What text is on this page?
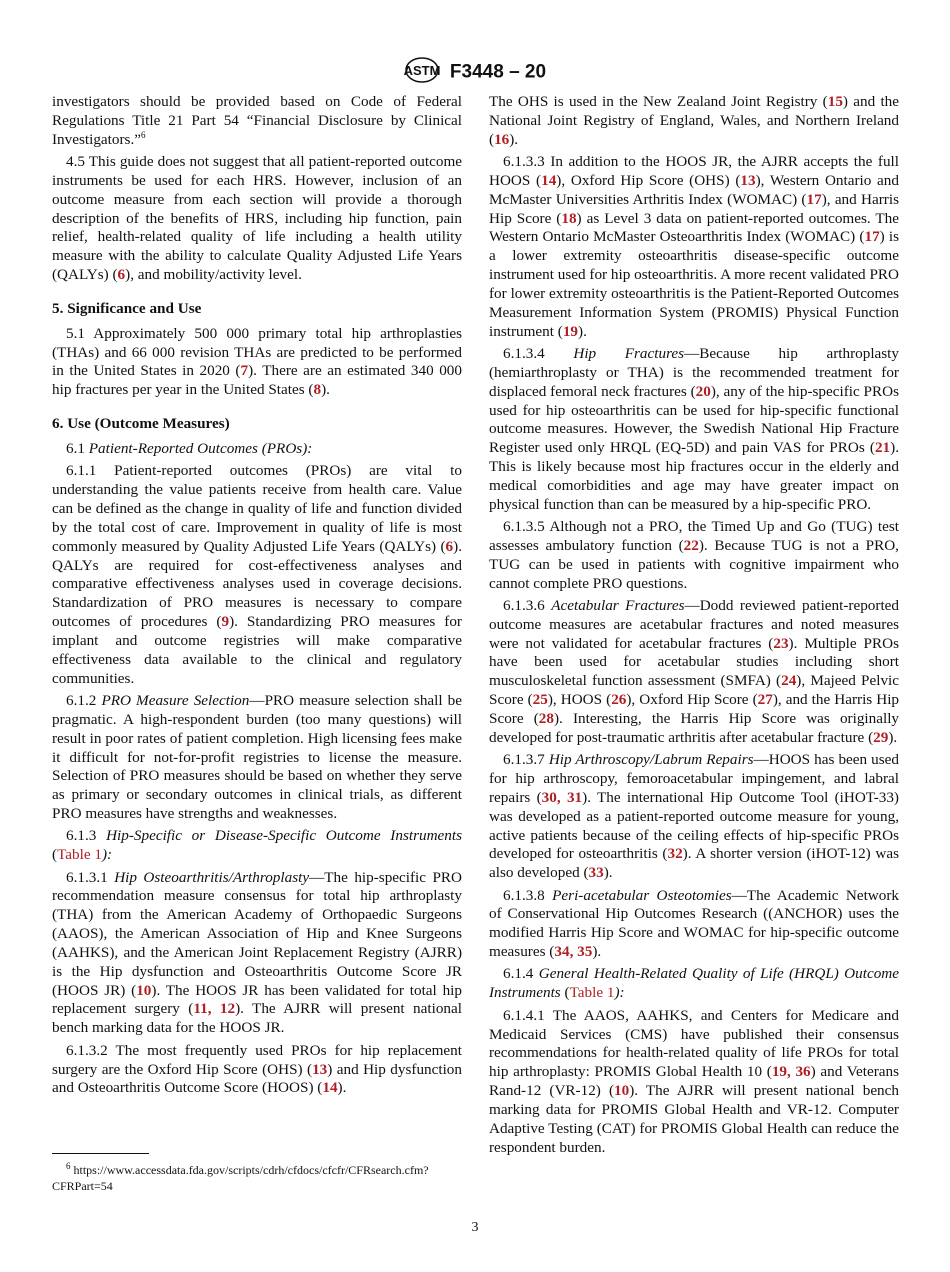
ASTM F3448 – 20

investigators should be provided based on Code of Federal Regulations Title 21 Part 54 “Financial Disclosure by Clinical Investigators.”$^6$

4.5 This guide does not suggest that all patient-reported outcome instruments be used for each HRS. However, inclusion of an outcome measure from each section will provide a thorough description of the benefits of HRS, including hip function, pain relief, health-related quality of life including a health utility measure with the ability to calculate Quality Adjusted Life Years (QALYs) (6), and mobility/activity level.

5. Significance and Use

5.1 Approximately 500 000 primary total hip arthroplasties (THAs) and 66 000 revision THAs are predicted to be performed in the United States in 2020 (7). There are an estimated 340 000 hip fractures per year in the United States (8).

6. Use (Outcome Measures)

6.1 Patient-Reported Outcomes (PROs):

6.1.1 Patient-reported outcomes (PROs) are vital to understanding the value patients receive from health care. Value can be defined as the change in quality of life and function divided by the total cost of care. Improvement in quality of life is most commonly measured by Quality Adjusted Life Years (QALYs) (6). QALYs are required for cost-effectiveness analyses and comparative effectiveness analyses used in coverage decisions. Standardization of PRO measures is necessary to compare outcomes of procedures (9). Standardizing PRO measures for implant and outcome registries will make comparative effectiveness data available to the clinical and regulatory communities.

6.1.2 PRO Measure Selection—PRO measure selection shall be pragmatic. A high-respondent burden (too many questions) will result in poor rates of patient completion. High licensing fees make it difficult for not-for-profit registries to license the measure. Selection of PRO measures should be based on whether they serve as primary or secondary outcomes in clinical trials, as different PRO measures have strengths and weaknesses.

6.1.3 Hip-Specific or Disease-Specific Outcome Instruments (Table 1):

6.1.3.1 Hip Osteoarthritis/Arthroplasty—The hip-specific PRO recommendation measure consensus for total hip arthroplasty (THA) from the American Academy of Orthopaedic Surgeons (AAOS), the American Association of Hip and Knee Surgeons (AAHKS), and the American Joint Replacement Registry (AJRR) is the Hip dysfunction and Osteoarthritis Outcome Score JR (HOOS JR) (10). The HOOS JR has been validated for total hip replacement surgery (11, 12). The AJRR will present national bench marking data for the HOOS JR.

6.1.3.2 The most frequently used PROs for hip replacement surgery are the Oxford Hip Score (OHS) (13) and Hip dysfunction and Osteoarthritis Outcome Score (HOOS) (14).

The OHS is used in the New Zealand Joint Registry (15) and the National Joint Registry of England, Wales, and Northern Ireland (16).

6.1.3.3 In addition to the HOOS JR, the AJRR accepts the full HOOS (14), Oxford Hip Score (OHS) (13), Western Ontario and McMaster Universities Arthritis Index (WOMAC) (17), and Harris Hip Score (18) as Level 3 data on patient-reported outcomes. The Western Ontario McMaster Osteoarthritis Index (WOMAC) (17) is a lower extremity osteoarthritis disease-specific outcome instrument used for hip osteoarthritis. A more recent validated PRO for lower extremity osteoarthritis is the Patient-Reported Outcomes Measurement Information System (PROMIS) Physical Function instrument (19).

6.1.3.4 Hip Fractures—Because hip arthroplasty (hemiarthroplasty or THA) is the recommended treatment for displaced femoral neck fractures (20), any of the hip-specific PROs used for hip osteoarthritis can be used for hip-specific functional outcome measures. However, the Swedish National Hip Fracture Register used only HRQL (EQ-5D) and pain VAS for PROs (21). This is likely because most hip fractures occur in the elderly and medical comorbidities and age may have greater impact on physical function than can be measured by a hip-specific PRO.

6.1.3.5 Although not a PRO, the Timed Up and Go (TUG) test assesses ambulatory function (22). Because TUG is not a PRO, TUG can be used in patients with cognitive impairment who cannot complete PRO questions.

6.1.3.6 Acetabular Fractures—Dodd reviewed patient-reported outcome measures are acetabular fractures and noted measures were not validated for acetabular fractures (23). Multiple PROs have been used for acetabular studies including short musculoskeletal function assessment (SMFA) (24), Majeed Pelvic Score (25), HOOS (26), Oxford Hip Score (27), and the Harris Hip Score (28). Interesting, the Harris Hip Score was originally developed for post-traumatic arthritis after acetabular fracture (29).

6.1.3.7 Hip Arthroscopy/Labrum Repairs—HOOS has been used for hip arthroscopy, femoroacetabular impingement, and labral repairs (30, 31). The international Hip Outcome Tool (iHOT-33) was developed as a patient-reported outcome measure for young, active patients because of the ceiling effects of hip-specific PROs developed for osteoarthritis (32). A shorter version (iHOT-12) was also developed (33).

6.1.3.8 Peri-acetabular Osteotomies—The Academic Network of Conservational Hip Outcomes Research ((ANCHOR) uses the modified Harris Hip Score and WOMAC for hip-specific outcome measures (34, 35).

6.1.4 General Health-Related Quality of Life (HRQL) Outcome Instruments (Table 1):

6.1.4.1 The AAOS, AAHKS, and Centers for Medicare and Medicaid Services (CMS) have published their consensus recommendations for health-related quality of life PROs for total hip arthroplasty: PROMIS Global Health 10 (19, 36) and Veterans Rand-12 (VR-12) (10). The AJRR will present national bench marking data for PROMIS Global Health and VR-12. Computer Adaptive Testing (CAT) for PROMIS Global Health can reduce the respondent burden.

$^6$ https://www.accessdata.fda.gov/scripts/cdrh/cfdocs/cfcfr/CFRsearch.cfm?CFRPart=54
3
